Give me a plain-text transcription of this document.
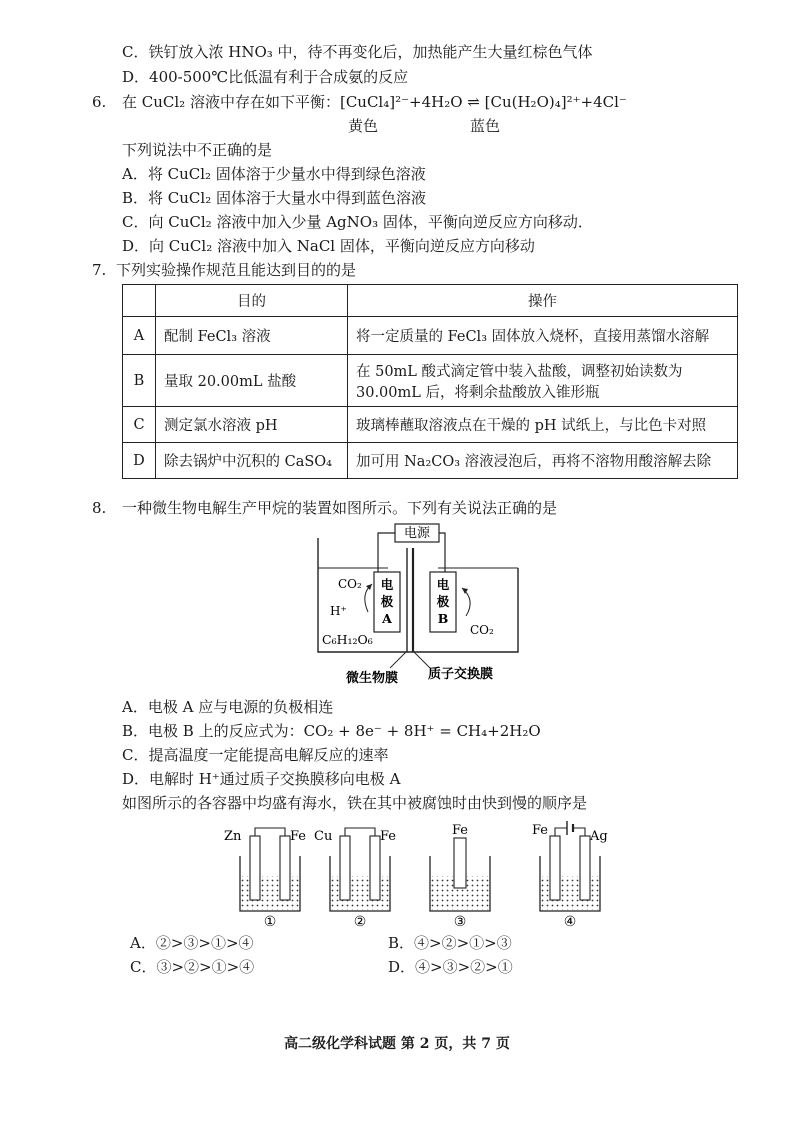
C．铁钉放入浓 HNO₃ 中，待不再变化后，加热能产生大量红棕色气体
D．400-500℃比低温有利于合成氨的反应
6. 在 CuCl₂ 溶液中存在如下平衡：[CuCl₄]²⁻+4H₂O ⇌ [Cu(H₂O)₄]²⁺+4Cl⁻
黄色	蓝色
下列说法中不正确的是
A．将 CuCl₂ 固体溶于少量水中得到绿色溶液
B．将 CuCl₂ 固体溶于大量水中得到蓝色溶液
C．向 CuCl₂ 溶液中加入少量 AgNO₃ 固体，平衡向逆反应方向移动．
D．向 CuCl₂ 溶液中加入 NaCl 固体，平衡向逆反应方向移动
7. 下列实验操作规范且能达到目的的是
	目的	操作
A	配制 FeCl₃ 溶液	将一定质量的 FeCl₃ 固体放入烧杯，直接用蒸馏水溶解
B	量取 20.00mL 盐酸	在 50mL 酸式滴定管中装入盐酸，调整初始读数为
30.00mL 后，将剩余盐酸放入锥形瓶

C	测定氯水溶液 pH	玻璃棒蘸取溶液点在干燥的 pH 试纸上，与比色卡对照
D	除去锅炉中沉积的 CaSO₄	加可用 Na₂CO₃ 溶液浸泡后，再将不溶物用酸溶解去除
8. 一种微生物电解生产甲烷的装置如图所示。下列有关说法正确的是
电源
电
极
A
电
极
B
CO₂
H⁺
C₆H₁₂O₆
CO₂
微生物膜 质子交换膜
A．电极 A 应与电源的负极相连
B．电极 B 上的反应式为：CO₂ + 8e⁻ + 8H⁺ = CH₄+2H₂O
C．提高温度一定能提高电解反应的速率
D．电解时 H⁺通过质子交换膜移向电极 A
如图所示的各容器中均盛有海水，铁在其中被腐蚀时由快到慢的顺序是
Zn	Fe
①
Cu	Fe
②
Fe
③
Fe	Ag
④
A．②>③>①>④	B．④>②>①>③
C．③>②>①>④	D．④>③>②>①
高二级化学科试题 第 2 页，共 7 页
